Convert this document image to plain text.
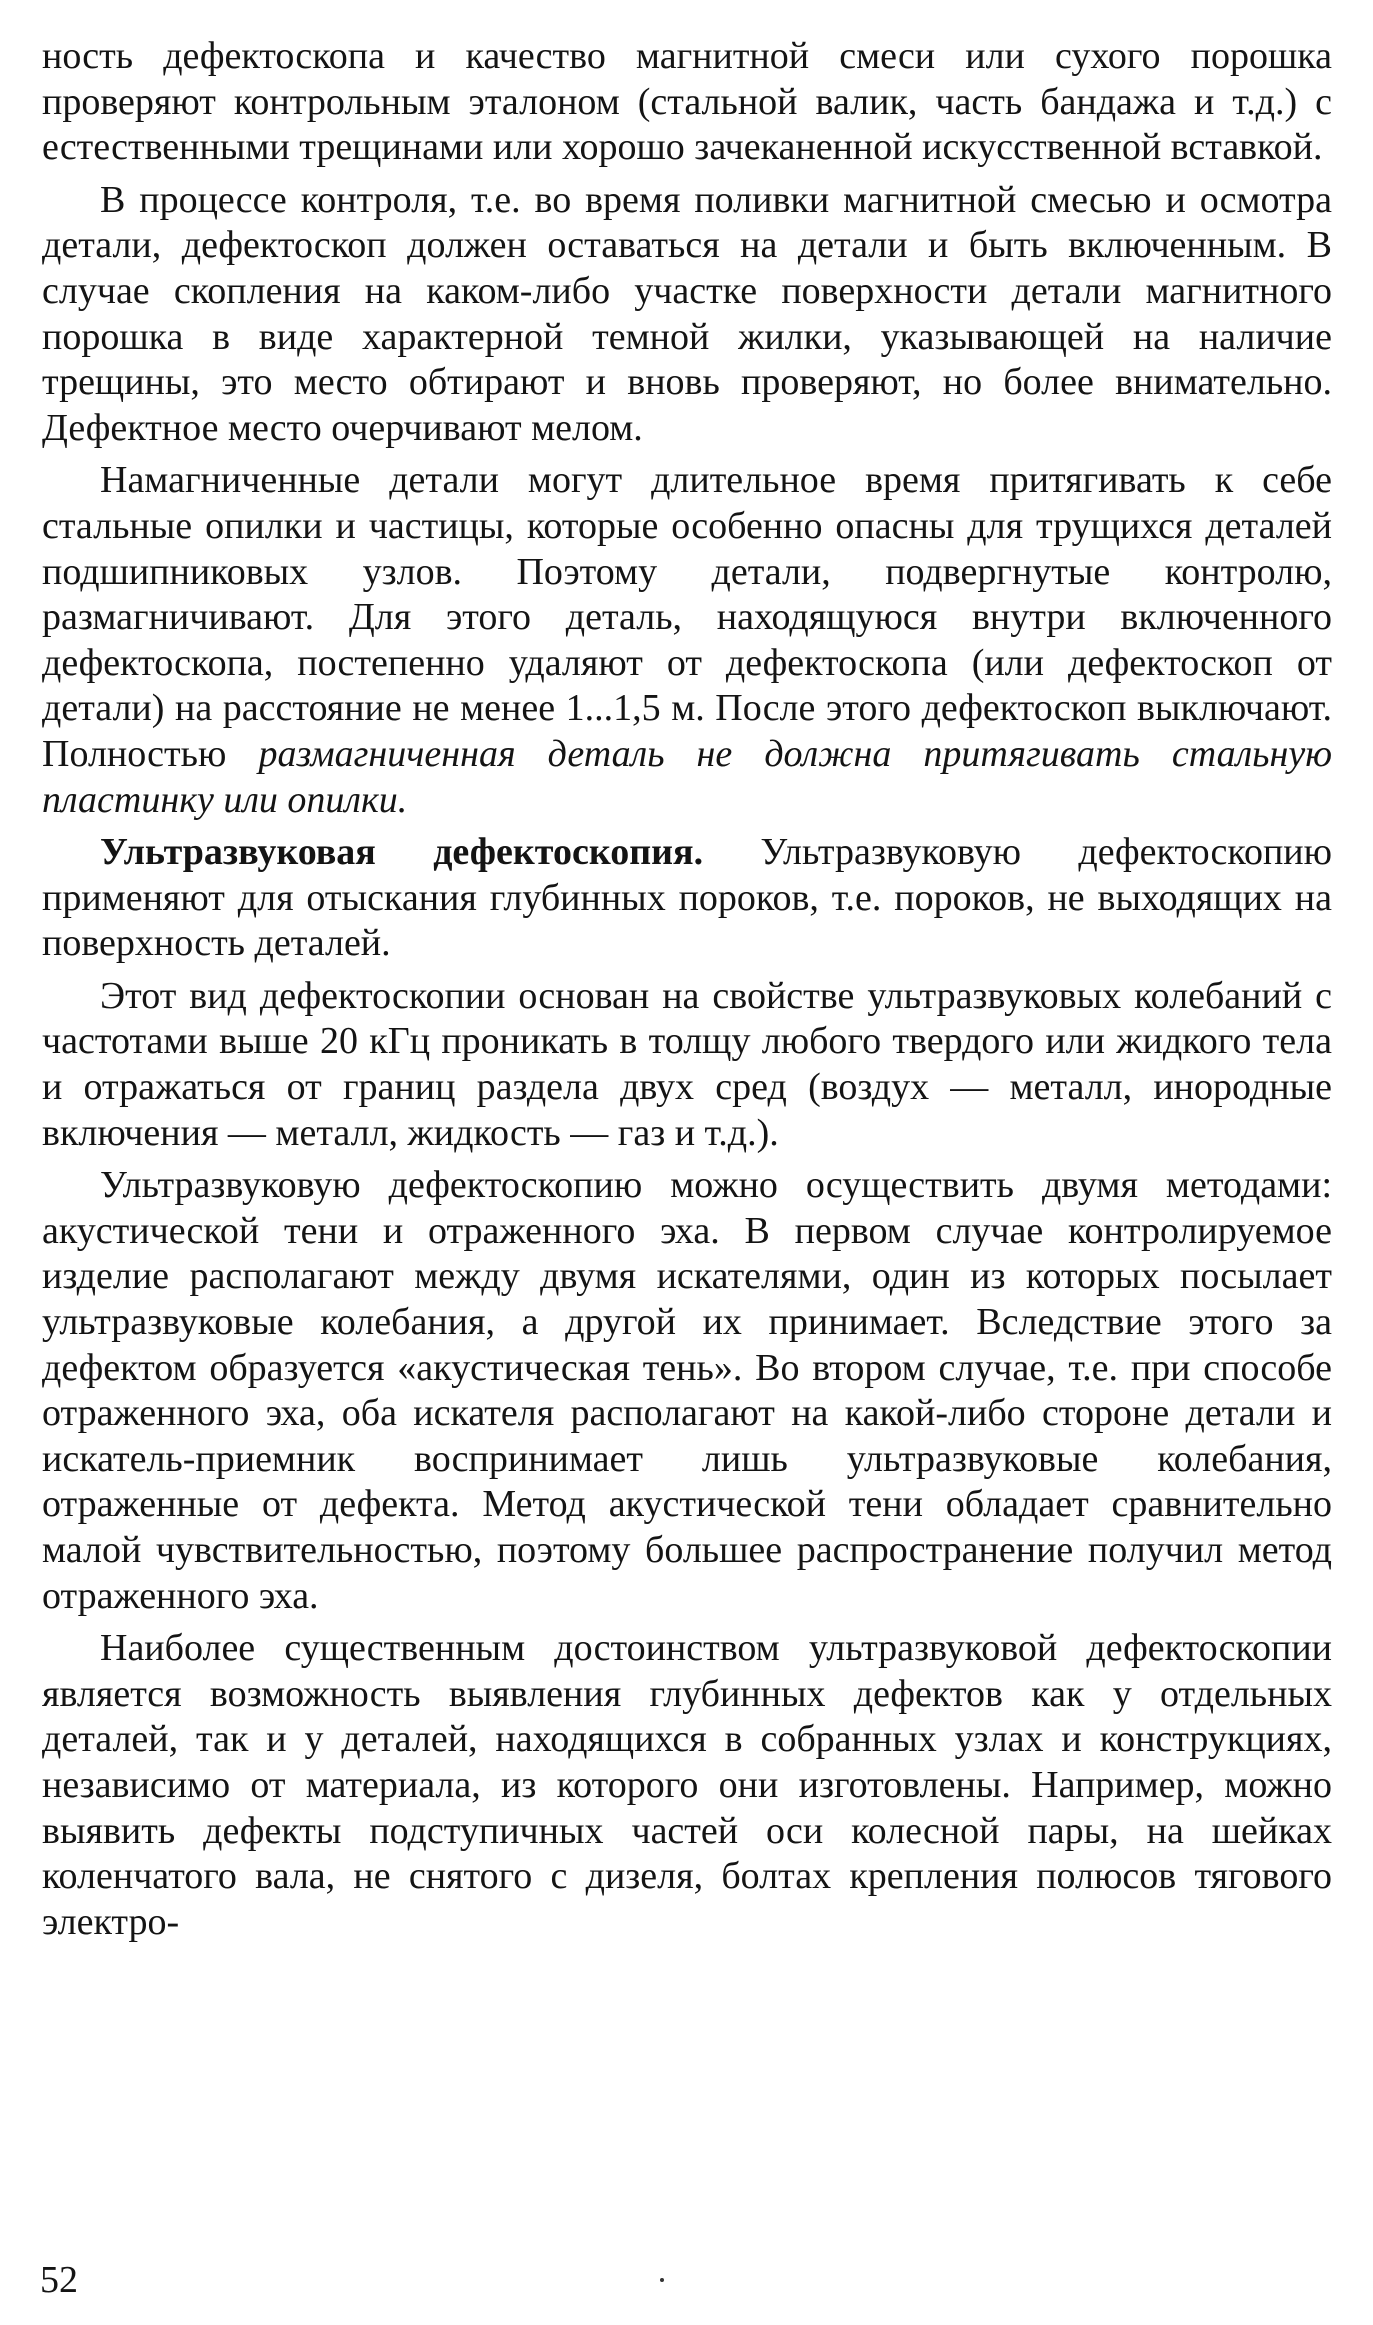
ность дефектоскопа и качество магнитной смеси или сухого порошка проверяют контрольным эталоном (стальной валик, часть бандажа и т.д.) с естественными трещинами или хорошо зачеканенной искусственной вставкой.

В процессе контроля, т.е. во время поливки магнитной смесью и осмотра детали, дефектоскоп должен оставаться на детали и быть включенным. В случае скопления на каком-либо участке поверхности детали магнитного порошка в виде характерной темной жилки, указывающей на наличие трещины, это место обтирают и вновь проверяют, но более внимательно. Дефектное место очерчивают мелом.

Намагниченные детали могут длительное время притягивать к себе стальные опилки и частицы, которые особенно опасны для трущихся деталей подшипниковых узлов. Поэтому детали, подвергнутые контролю, размагничивают. Для этого деталь, находящуюся внутри включенного дефектоскопа, постепенно удаляют от дефектоскопа (или дефектоскоп от детали) на расстояние не менее 1...1,5 м. После этого дефектоскоп выключают. Полностью размагниченная деталь не должна притягивать стальную пластинку или опилки.

Ультразвуковая дефектоскопия. Ультразвуковую дефектоскопию применяют для отыскания глубинных пороков, т.е. пороков, не выходящих на поверхность деталей.

Этот вид дефектоскопии основан на свойстве ультразвуковых колебаний с частотами выше 20 кГц проникать в толщу любого твердого или жидкого тела и отражаться от границ раздела двух сред (воздух — металл, инородные включения — металл, жидкость — газ и т.д.).

Ультразвуковую дефектоскопию можно осуществить двумя методами: акустической тени и отраженного эха. В первом случае контролируемое изделие располагают между двумя искателями, один из которых посылает ультразвуковые колебания, а другой их принимает. Вследствие этого за дефектом образуется «акустическая тень». Во втором случае, т.е. при способе отраженного эха, оба искателя располагают на какой-либо стороне детали и искатель-приемник воспринимает лишь ультразвуковые колебания, отраженные от дефекта. Метод акустической тени обладает сравнительно малой чувствительностью, поэтому большее распространение получил метод отраженного эха.

Наиболее существенным достоинством ультразвуковой дефектоскопии является возможность выявления глубинных дефектов как у отдельных деталей, так и у деталей, находящихся в собранных узлах и конструкциях, независимо от материала, из которого они изготовлены. Например, можно выявить дефекты подступичных частей оси колесной пары, на шейках коленчатого вала, не снятого с дизеля, болтах крепления полюсов тягового электро-

52
